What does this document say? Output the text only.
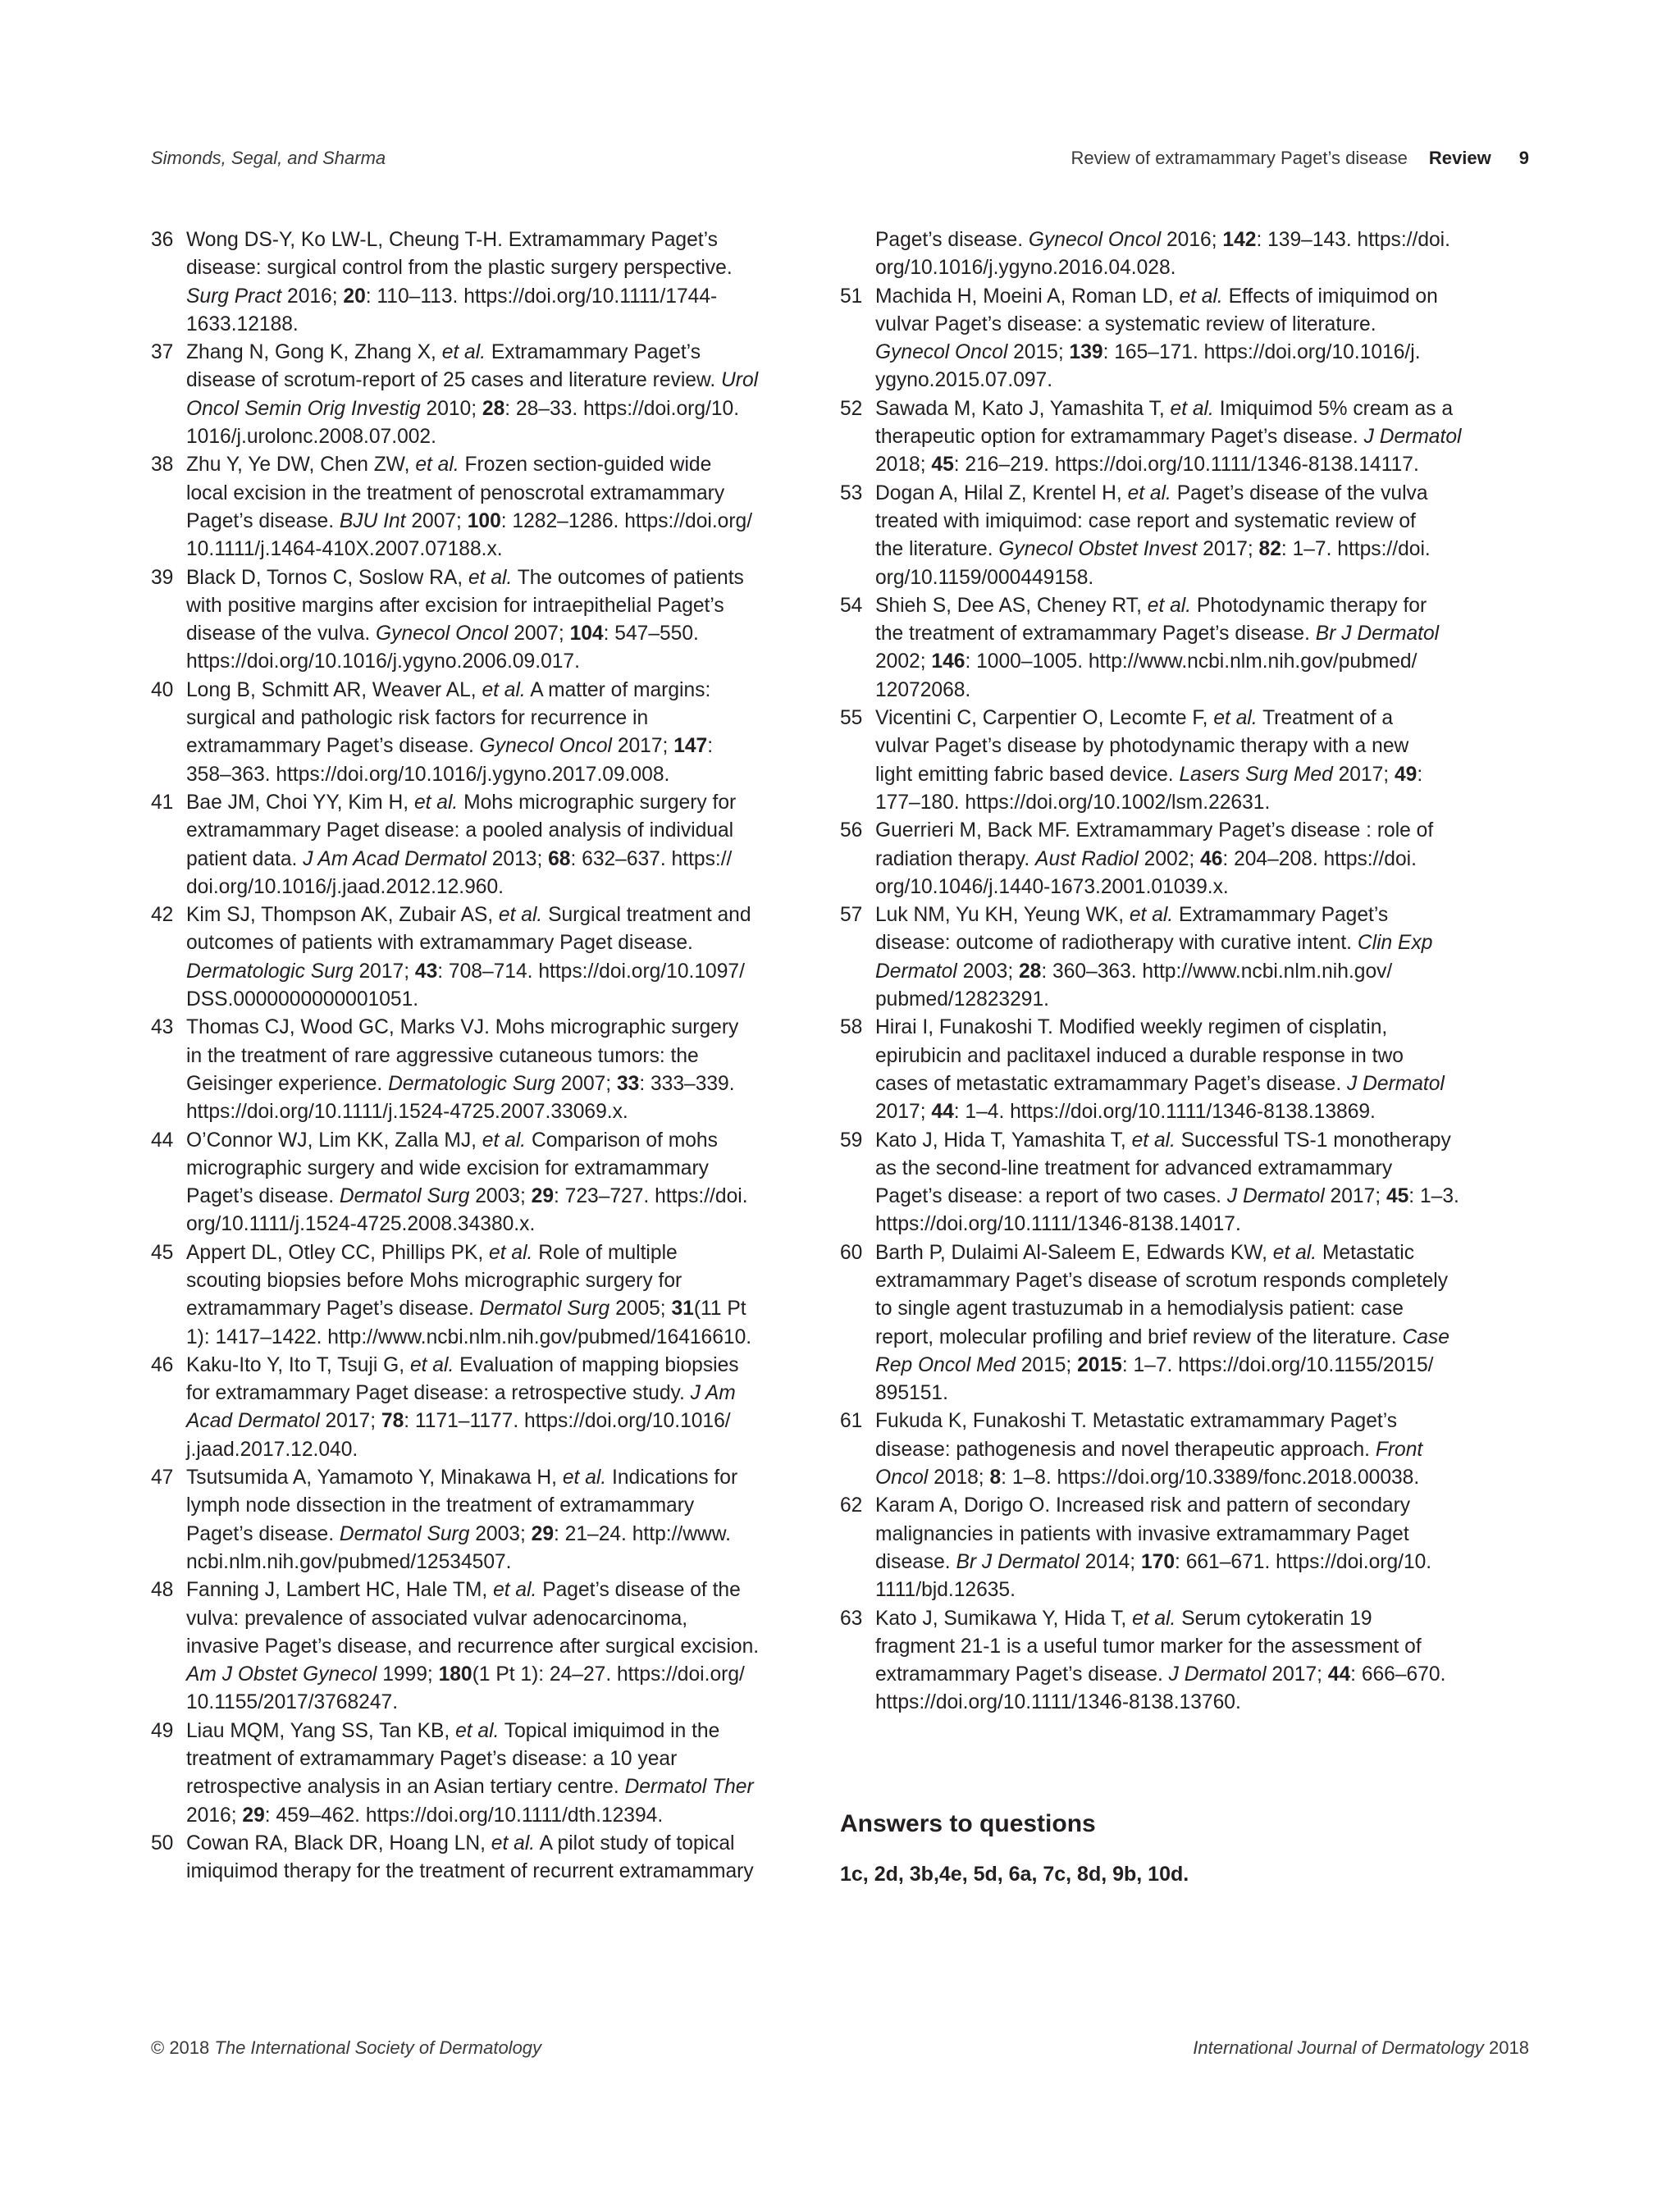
Simonds, Segal, and Sharma	Review of extramammary Paget’s disease Review 9
36 Wong DS-Y, Ko LW-L, Cheung T-H. Extramammary Paget’s
disease: surgical control from the plastic surgery perspective.
Surg Pract 2016; 20: 110–113. https://doi.org/10.1111/1744-
1633.12188.
37 Zhang N, Gong K, Zhang X, et al. Extramammary Paget’s
disease of scrotum-report of 25 cases and literature review. Urol
Oncol Semin Orig Investig 2010; 28: 28–33. https://doi.org/10.
1016/j.urolonc.2008.07.002.
38 Zhu Y, Ye DW, Chen ZW, et al. Frozen section-guided wide
local excision in the treatment of penoscrotal extramammary
Paget’s disease. BJU Int 2007; 100: 1282–1286. https://doi.org/
10.1111/j.1464-410X.2007.07188.x.
39 Black D, Tornos C, Soslow RA, et al. The outcomes of patients
with positive margins after excision for intraepithelial Paget’s
disease of the vulva. Gynecol Oncol 2007; 104: 547–550.
https://doi.org/10.1016/j.ygyno.2006.09.017.
40 Long B, Schmitt AR, Weaver AL, et al. A matter of margins:
surgical and pathologic risk factors for recurrence in
extramammary Paget’s disease. Gynecol Oncol 2017; 147:
358–363. https://doi.org/10.1016/j.ygyno.2017.09.008.
41 Bae JM, Choi YY, Kim H, et al. Mohs micrographic surgery for
extramammary Paget disease: a pooled analysis of individual
patient data. J Am Acad Dermatol 2013; 68: 632–637. https://
doi.org/10.1016/j.jaad.2012.12.960.
42 Kim SJ, Thompson AK, Zubair AS, et al. Surgical treatment and
outcomes of patients with extramammary Paget disease.
Dermatologic Surg 2017; 43: 708–714. https://doi.org/10.1097/
DSS.0000000000001051.
43 Thomas CJ, Wood GC, Marks VJ. Mohs micrographic surgery
in the treatment of rare aggressive cutaneous tumors: the
Geisinger experience. Dermatologic Surg 2007; 33: 333–339.
https://doi.org/10.1111/j.1524-4725.2007.33069.x.
44 O’Connor WJ, Lim KK, Zalla MJ, et al. Comparison of mohs
micrographic surgery and wide excision for extramammary
Paget’s disease. Dermatol Surg 2003; 29: 723–727. https://doi.
org/10.1111/j.1524-4725.2008.34380.x.
45 Appert DL, Otley CC, Phillips PK, et al. Role of multiple
scouting biopsies before Mohs micrographic surgery for
extramammary Paget’s disease. Dermatol Surg 2005; 31(11 Pt
1): 1417–1422. http://www.ncbi.nlm.nih.gov/pubmed/16416610.
46 Kaku-Ito Y, Ito T, Tsuji G, et al. Evaluation of mapping biopsies
for extramammary Paget disease: a retrospective study. J Am
Acad Dermatol 2017; 78: 1171–1177. https://doi.org/10.1016/
j.jaad.2017.12.040.
47 Tsutsumida A, Yamamoto Y, Minakawa H, et al. Indications for
lymph node dissection in the treatment of extramammary
Paget’s disease. Dermatol Surg 2003; 29: 21–24. http://www.
ncbi.nlm.nih.gov/pubmed/12534507.
48 Fanning J, Lambert HC, Hale TM, et al. Paget’s disease of the
vulva: prevalence of associated vulvar adenocarcinoma,
invasive Paget’s disease, and recurrence after surgical excision.
Am J Obstet Gynecol 1999; 180(1 Pt 1): 24–27. https://doi.org/
10.1155/2017/3768247.
49 Liau MQM, Yang SS, Tan KB, et al. Topical imiquimod in the
treatment of extramammary Paget’s disease: a 10 year
retrospective analysis in an Asian tertiary centre. Dermatol Ther
2016; 29: 459–462. https://doi.org/10.1111/dth.12394.
50 Cowan RA, Black DR, Hoang LN, et al. A pilot study of topical
imiquimod therapy for the treatment of recurrent extramammary
Paget’s disease. Gynecol Oncol 2016; 142: 139–143. https://doi.
org/10.1016/j.ygyno.2016.04.028.
51 Machida H, Moeini A, Roman LD, et al. Effects of imiquimod on
vulvar Paget’s disease: a systematic review of literature.
Gynecol Oncol 2015; 139: 165–171. https://doi.org/10.1016/j.
ygyno.2015.07.097.
52 Sawada M, Kato J, Yamashita T, et al. Imiquimod 5% cream as a
therapeutic option for extramammary Paget’s disease. J Dermatol
2018; 45: 216–219. https://doi.org/10.1111/1346-8138.14117.
53 Dogan A, Hilal Z, Krentel H, et al. Paget’s disease of the vulva
treated with imiquimod: case report and systematic review of
the literature. Gynecol Obstet Invest 2017; 82: 1–7. https://doi.
org/10.1159/000449158.
54 Shieh S, Dee AS, Cheney RT, et al. Photodynamic therapy for
the treatment of extramammary Paget’s disease. Br J Dermatol
2002; 146: 1000–1005. http://www.ncbi.nlm.nih.gov/pubmed/
12072068.
55 Vicentini C, Carpentier O, Lecomte F, et al. Treatment of a
vulvar Paget’s disease by photodynamic therapy with a new
light emitting fabric based device. Lasers Surg Med 2017; 49:
177–180. https://doi.org/10.1002/lsm.22631.
56 Guerrieri M, Back MF. Extramammary Paget’s disease : role of
radiation therapy. Aust Radiol 2002; 46: 204–208. https://doi.
org/10.1046/j.1440-1673.2001.01039.x.
57 Luk NM, Yu KH, Yeung WK, et al. Extramammary Paget’s
disease: outcome of radiotherapy with curative intent. Clin Exp
Dermatol 2003; 28: 360–363. http://www.ncbi.nlm.nih.gov/
pubmed/12823291.
58 Hirai I, Funakoshi T. Modified weekly regimen of cisplatin,
epirubicin and paclitaxel induced a durable response in two
cases of metastatic extramammary Paget’s disease. J Dermatol
2017; 44: 1–4. https://doi.org/10.1111/1346-8138.13869.
59 Kato J, Hida T, Yamashita T, et al. Successful TS-1 monotherapy
as the second-line treatment for advanced extramammary
Paget’s disease: a report of two cases. J Dermatol 2017; 45: 1–3.
https://doi.org/10.1111/1346-8138.14017.
60 Barth P, Dulaimi Al-Saleem E, Edwards KW, et al. Metastatic
extramammary Paget’s disease of scrotum responds completely
to single agent trastuzumab in a hemodialysis patient: case
report, molecular profiling and brief review of the literature. Case
Rep Oncol Med 2015; 2015: 1–7. https://doi.org/10.1155/2015/
895151.
61 Fukuda K, Funakoshi T. Metastatic extramammary Paget’s
disease: pathogenesis and novel therapeutic approach. Front
Oncol 2018; 8: 1–8. https://doi.org/10.3389/fonc.2018.00038.
62 Karam A, Dorigo O. Increased risk and pattern of secondary
malignancies in patients with invasive extramammary Paget
disease. Br J Dermatol 2014; 170: 661–671. https://doi.org/10.
1111/bjd.12635.
63 Kato J, Sumikawa Y, Hida T, et al. Serum cytokeratin 19
fragment 21-1 is a useful tumor marker for the assessment of
extramammary Paget’s disease. J Dermatol 2017; 44: 666–670.
https://doi.org/10.1111/1346-8138.13760.
Answers to questions
1c, 2d, 3b,4e, 5d, 6a, 7c, 8d, 9b, 10d.
© 2018 The International Society of Dermatology	International Journal of Dermatology 2018
